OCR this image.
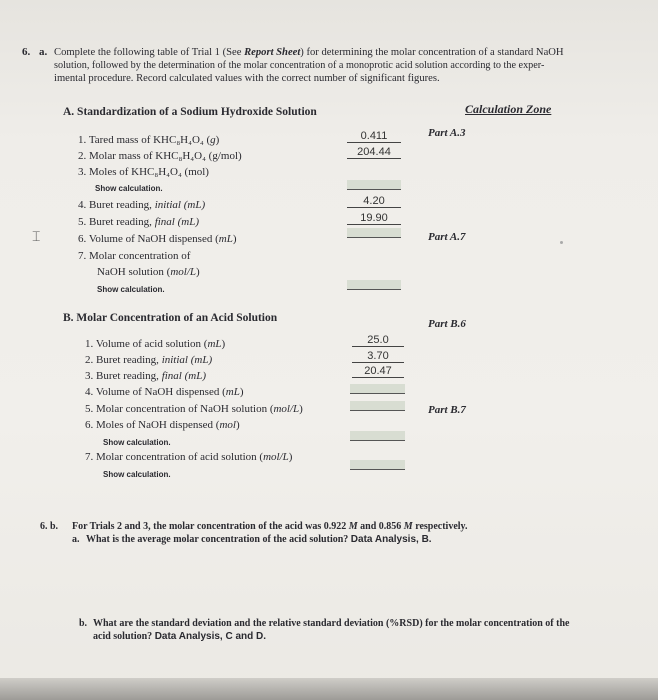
6. a. Complete the following table of Trial 1 (See Report Sheet) for determining the molar concentration of a standard NaOH
solution, followed by the determination of the molar concentration of a monoprotic acid solution according to the exper-
imental procedure. Record calculated values with the correct number of significant figures.
Calculation Zone
Part A.3
Part A.7
Part B.6
Part B.7
A. Standardization of a Sodium Hydroxide Solution
1. Tared mass of KHC₈H₄O₄ (g)	0.411
2. Molar mass of KHC₈H₄O₄ (g/mol)	204.44
3. Moles of KHC₈H₄O₄ (mol)
Show calculation.
4. Buret reading, initial (mL)	4.20
5. Buret reading, final (mL)	19.90
6. Volume of NaOH dispensed (mL)
7. Molar concentration of
NaOH solution (mol/L)
Show calculation.
⌶
B. Molar Concentration of an Acid Solution
1. Volume of acid solution (mL)	25.0
2. Buret reading, initial (mL)	3.70
3. Buret reading, final (mL)	20.47
4. Volume of NaOH dispensed (mL)
5. Molar concentration of NaOH solution (mol/L)
6. Moles of NaOH dispensed (mol)
Show calculation.
7. Molar concentration of acid solution (mol/L)
Show calculation.
6. b. For Trials 2 and 3, the molar concentration of the acid was 0.922 M and 0.856 M respectively.
a. What is the average molar concentration of the acid solution? Data Analysis, B.
b. What are the standard deviation and the relative standard deviation (%RSD) for the molar concentration of the
acid solution? Data Analysis, C and D.
